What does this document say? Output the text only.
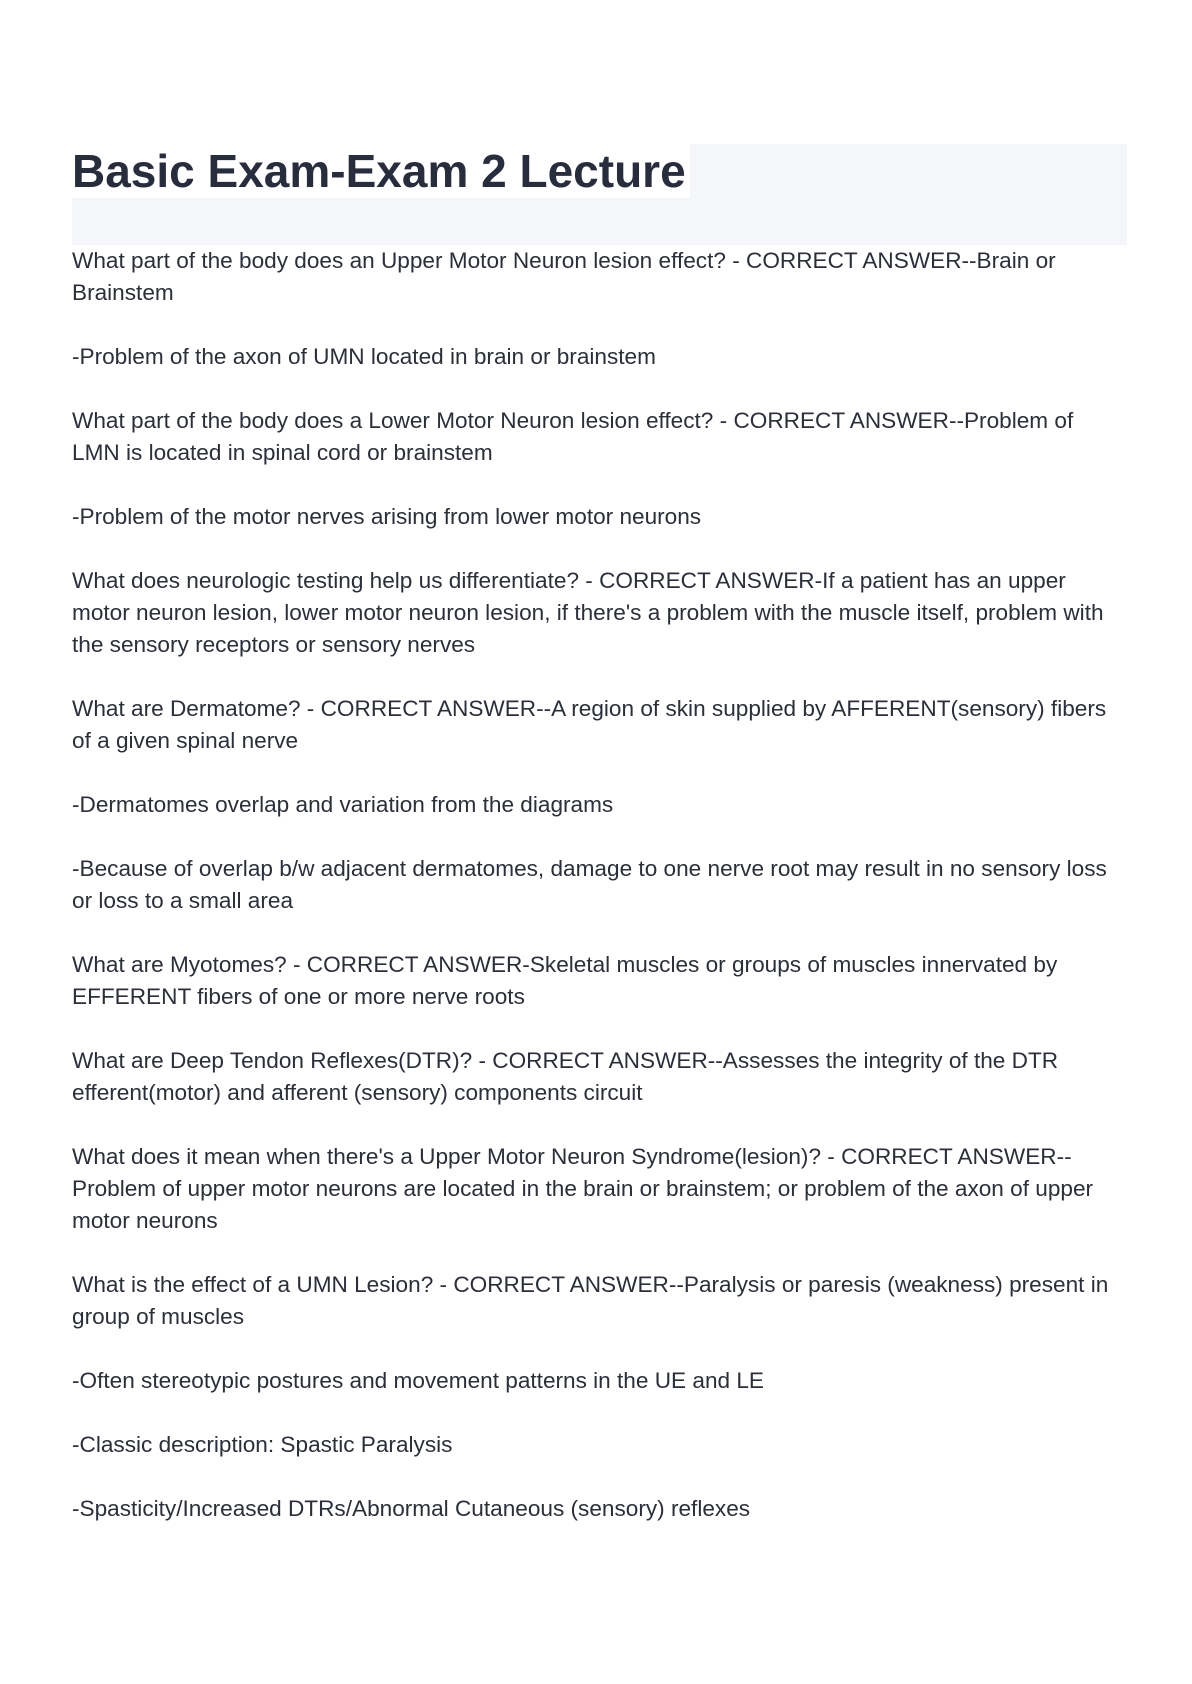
Basic Exam-Exam 2 Lecture

What part of the body does an Upper Motor Neuron lesion effect? - CORRECT ANSWER--Brain or Brainstem

-Problem of the axon of UMN located in brain or brainstem

What part of the body does a Lower Motor Neuron lesion effect? - CORRECT ANSWER--Problem of LMN is located in spinal cord or brainstem

-Problem of the motor nerves arising from lower motor neurons

What does neurologic testing help us differentiate? - CORRECT ANSWER-If a patient has an upper motor neuron lesion, lower motor neuron lesion, if there's a problem with the muscle itself, problem with the sensory receptors or sensory nerves

What are Dermatome? - CORRECT ANSWER--A region of skin supplied by AFFERENT(sensory) fibers of a given spinal nerve

-Dermatomes overlap and variation from the diagrams

-Because of overlap b/w adjacent dermatomes, damage to one nerve root may result in no sensory loss or loss to a small area

What are Myotomes? - CORRECT ANSWER-Skeletal muscles or groups of muscles innervated by EFFERENT fibers of one or more nerve roots

What are Deep Tendon Reflexes(DTR)? - CORRECT ANSWER--Assesses the integrity of the DTR efferent(motor) and afferent (sensory) components circuit

What does it mean when there's a Upper Motor Neuron Syndrome(lesion)? - CORRECT ANSWER--Problem of upper motor neurons are located in the brain or brainstem; or problem of the axon of upper motor neurons

What is the effect of a UMN Lesion? - CORRECT ANSWER--Paralysis or paresis (weakness) present in group of muscles

-Often stereotypic postures and movement patterns in the UE and LE

-Classic description: Spastic Paralysis

-Spasticity/Increased DTRs/Abnormal Cutaneous (sensory) reflexes
